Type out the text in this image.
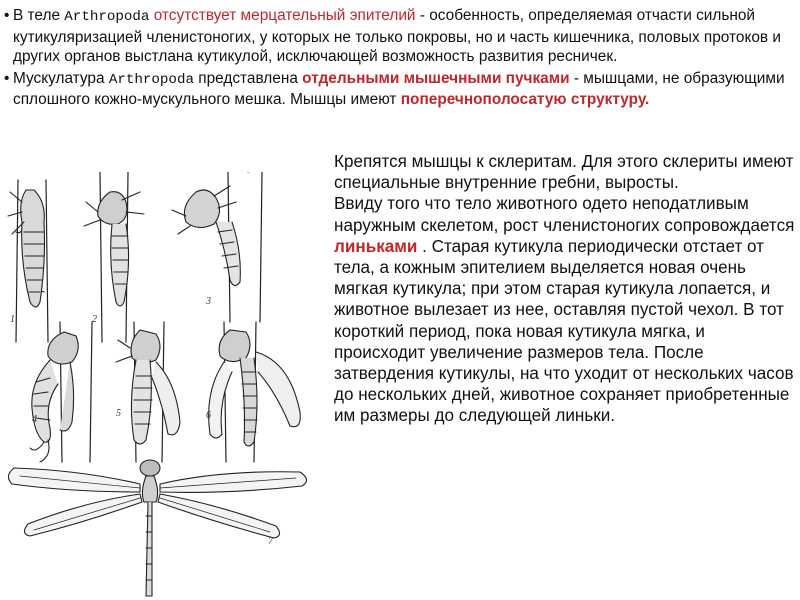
• В теле Arthropoda отсутствует мерцательный эпителий - особенность, определяемая отчасти сильной кутикуляризацией членистоногих, у которых не только покровы, но и часть кишечника, половых протоков и других органов выстлана кутикулой, исключающей возможность развития ресничек.
• Мускулатура Arthropoda представлена отдельными мышечными пучками - мышцами, не образующими сплошного кожно-мускульного мешка. Мышцы имеют поперечнополосатую структуру.

Крепятся мышцы к склеритам. Для этого склериты имеют специальные внутренние гребни, выросты.

Ввиду того что тело животного одето неподатливым наружным скелетом, рост членистоногих сопровождается линьками . Старая кутикула периодически отстает от тела, а кожным эпителием выделяется новая очень мягкая кутикула; при этом старая кутикула лопается, и животное вылезает из нее, оставляя пустой чехол. В тот короткий период, пока новая кутикула мягка, и происходит увеличение размеров тела. После затвердения кутикулы, на что уходит от нескольких часов до нескольких дней, животное сохраняет приобретенные им размеры до следующей линьки.

1	2
3
4
5	6
7
